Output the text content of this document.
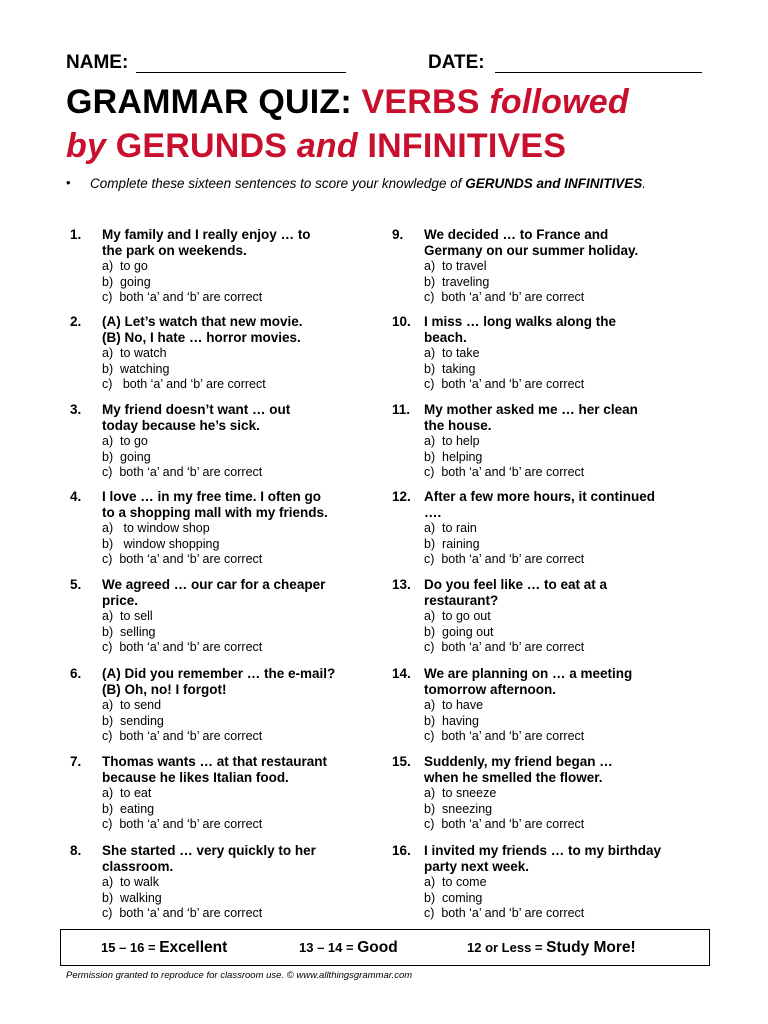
NAME:	DATE:
GRAMMAR QUIZ: VERBS followed
by GERUNDS and INFINITIVES
• Complete these sixteen sentences to score your knowledge of GERUNDS and INFINITIVES.
1.	My family and I really enjoy … to
the park on weekends.
a)  to go
b)  going
c)  both ‘a’ and ‘b’ are correct
2.	(A) Let’s watch that new movie.
(B) No, I hate … horror movies.
a)  to watch
b)  watching
c)   both ‘a’ and ‘b’ are correct
3.	My friend doesn’t want … out
today because he’s sick.
a)  to go
b)  going
c)  both ‘a’ and ‘b’ are correct
4.	I love … in my free time. I often go
to a shopping mall with my friends.
a)   to window shop
b)   window shopping
c)  both ‘a’ and ‘b’ are correct
5.	We agreed … our car for a cheaper
price.
a)  to sell
b)  selling
c)  both ‘a’ and ‘b’ are correct
6.	(A) Did you remember … the e-mail?
(B) Oh, no! I forgot!
a)  to send
b)  sending
c)  both ‘a’ and ‘b’ are correct
7.	Thomas wants … at that restaurant
because he likes Italian food.
a)  to eat
b)  eating
c)  both ‘a’ and ‘b’ are correct
8.	She started … very quickly to her
classroom.
a)  to walk
b)  walking
c)  both ‘a’ and ‘b’ are correct
9.	We decided … to France and
Germany on our summer holiday.
a)  to travel
b)  traveling
c)  both ‘a’ and ‘b’ are correct
10. I miss … long walks along the
beach.
a)  to take
b)  taking
c)  both ‘a’ and ‘b’ are correct
11.	My mother asked me … her clean
the house.
a)  to help
b)  helping
c)  both ‘a’ and ‘b’ are correct
12. After a few more hours, it continued
….
a)  to rain
b)  raining
c)  both ‘a’ and ‘b’ are correct
13. Do you feel like … to eat at a
restaurant?
a)  to go out
b)  going out
c)  both ‘a’ and ‘b’ are correct
14. We are planning on … a meeting
tomorrow afternoon.
a)  to have
b)  having
c)  both ‘a’ and ‘b’ are correct
15. Suddenly, my friend began …
when he smelled the flower.
a)  to sneeze
b)  sneezing
c)  both ‘a’ and ‘b’ are correct
16. I invited my friends … to my birthday
party next week.
a)  to come
b)  coming
c)  both ‘a’ and ‘b’ are correct
15 – 16 = Excellent	13 – 14 = Good	12 or Less = Study More!
Permission granted to reproduce for classroom use. © www.allthingsgrammar.com
